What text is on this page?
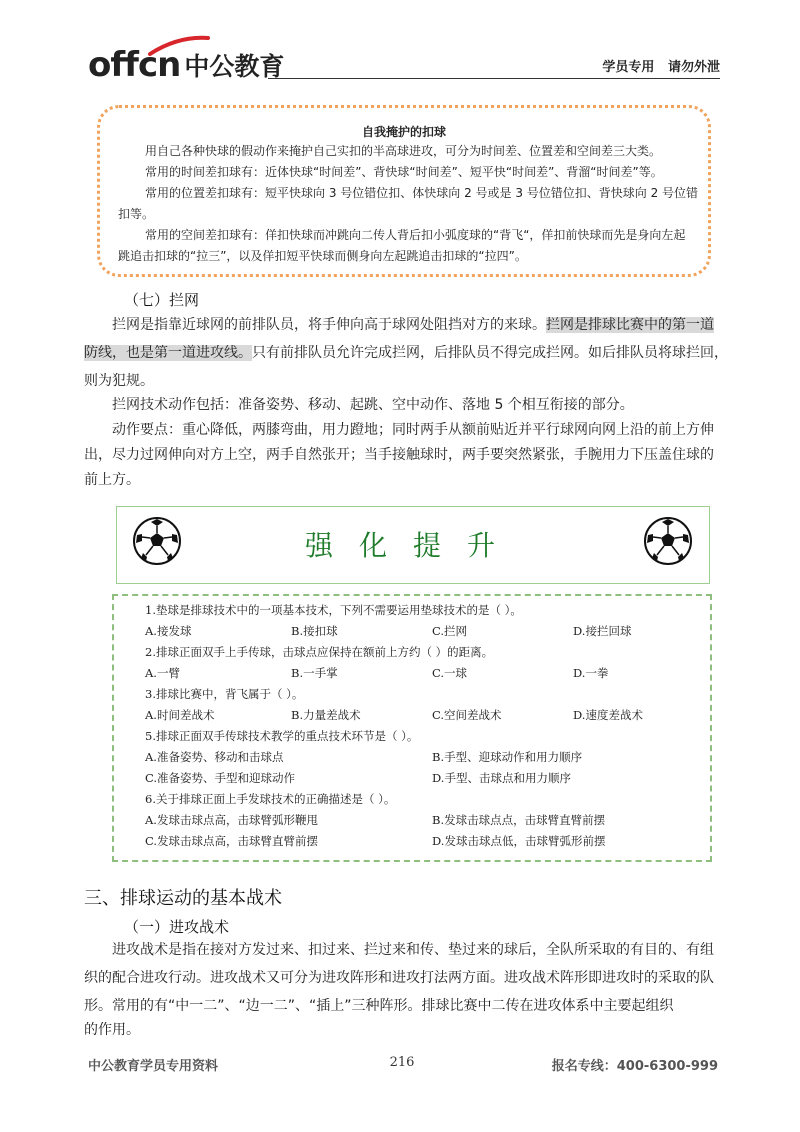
offcn 中公教育	学员专用   请勿外泄
自我掩护的扣球
用自己各种快球的假动作来掩护自己实扣的半高球进攻，可分为时间差、位置差和空间差三大类。
常用的时间差扣球有：近体快球“时间差”、背快球“时间差”、短平快“时间差”、背溜“时间差”等。
常用的位置差扣球有：短平快球向 3 号位错位扣、体快球向 2 号或是 3 号位错位扣、背快球向 2 号位错
扣等。
常用的空间差扣球有：佯扣快球而冲跳向二传人背后扣小弧度球的“背飞“，佯扣前快球而先是身向左起
跳追击扣球的“拉三”，以及佯扣短平快球而侧身向左起跳追击扣球的“拉四”。
（七）拦网
拦网是指靠近球网的前排队员，将手伸向高于球网处阻挡对方的来球。拦网是排球比赛中的第一道
防线，也是第一道进攻线。只有前排队员允许完成拦网，后排队员不得完成拦网。如后排队员将球拦回，
则为犯规。
拦网技术动作包括：准备姿势、移动、起跳、空中动作、落地 5 个相互衔接的部分。
动作要点：重心降低，两膝弯曲，用力蹬地；同时两手从额前贴近并平行球网向网上沿的前上方伸
出，尽力过网伸向对方上空，两手自然张开；当手接触球时，两手要突然紧张，手腕用力下压盖住球的
前上方。
强化提升
1.垫球是排球技术中的一项基本技术，下列不需要运用垫球技术的是（ ）。
A.接发球	B.接扣球	C.拦网	D.接拦回球
2.排球正面双手上手传球，击球点应保持在额前上方约（ ）的距离。
A.一臂	B.一手掌	C.一球	D.一拳
3.排球比赛中，背飞属于（ ）。
A.时间差战术	B.力量差战术	C.空间差战术	D.速度差战术
5.排球正面双手传球技术教学的重点技术环节是（ ）。
A.准备姿势、移动和击球点	B.手型、迎球动作和用力顺序
C.准备姿势、手型和迎球动作	D.手型、击球点和用力顺序
6.关于排球正面上手发球技术的正确描述是（ ）。
A.发球击球点高，击球臂弧形鞭甩	B.发球击球点点，击球臂直臂前摆
C.发球击球点高，击球臂直臂前摆	D.发球击球点低，击球臂弧形前摆
三、排球运动的基本战术
（一）进攻战术
进攻战术是指在接对方发过来、扣过来、拦过来和传、垫过来的球后，全队所采取的有目的、有组
织的配合进攻行动。进攻战术又可分为进攻阵形和进攻打法两方面。进攻战术阵形即进攻时的采取的队
形。常用的有“中一二”、“边一二”、“插上”三种阵形。排球比赛中二传在进攻体系中主要起组织
的作用。
中公教育学员专用资料	216	报名专线：400-6300-999
